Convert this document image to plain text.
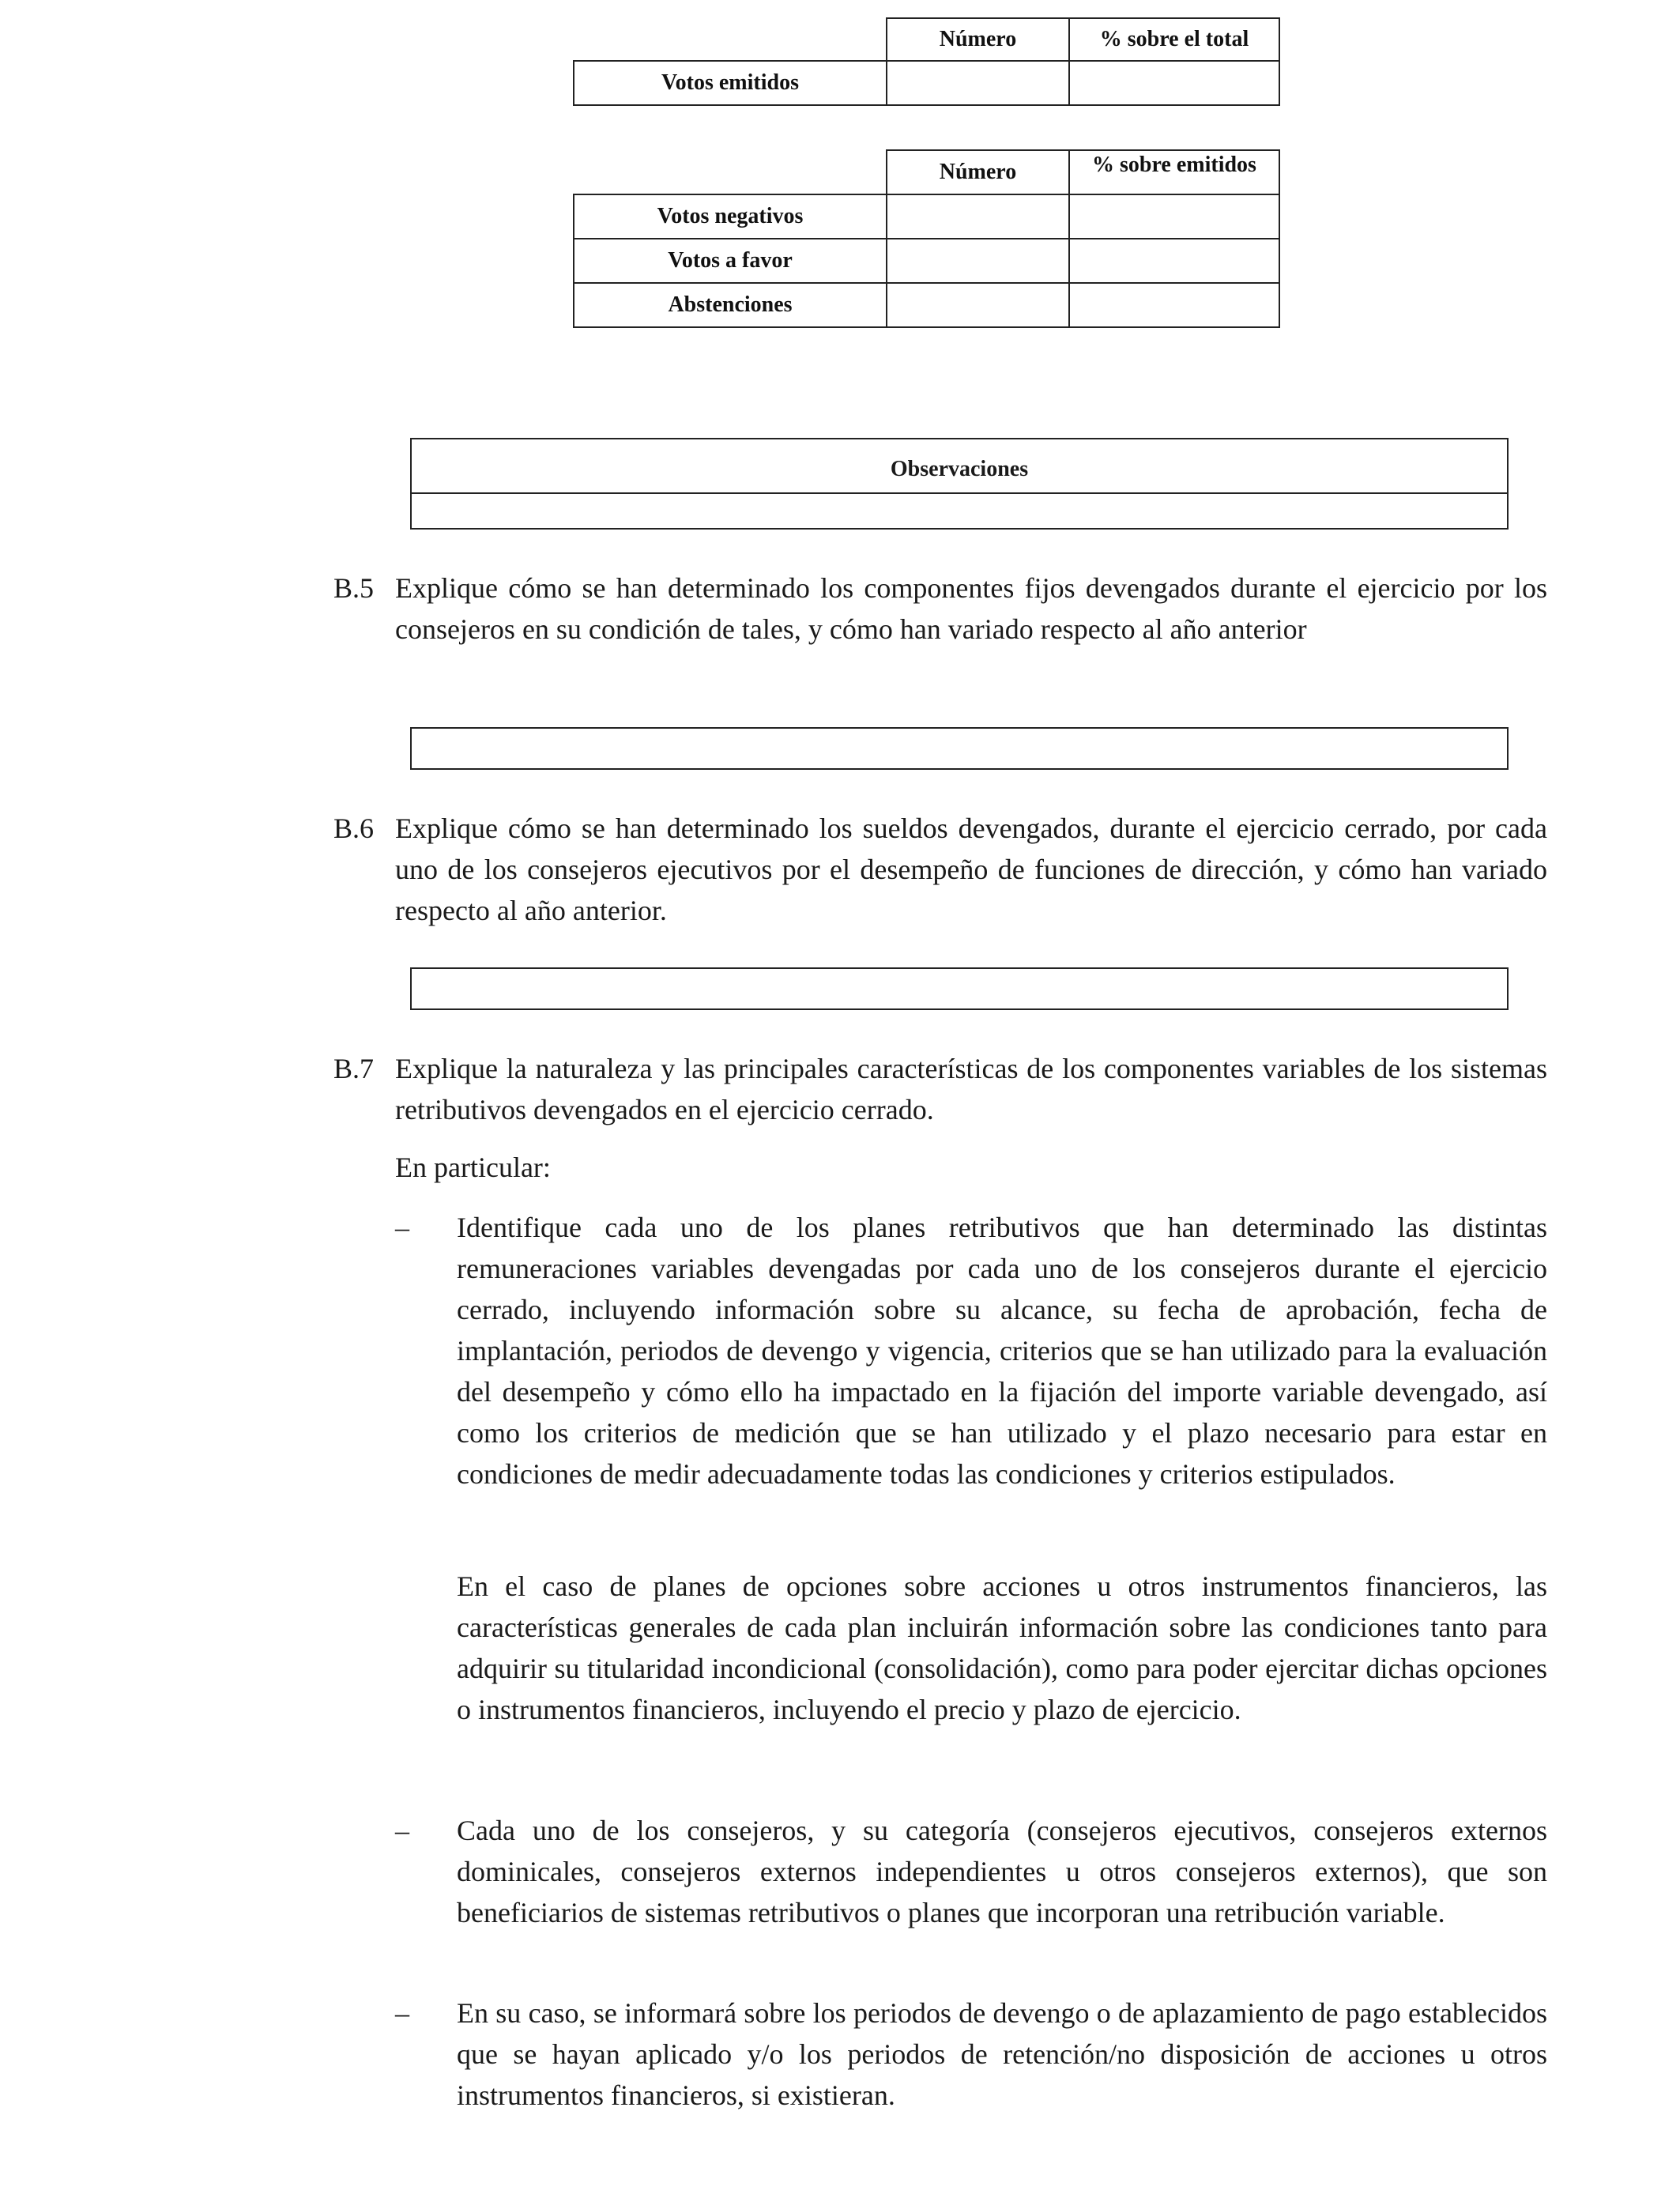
	Número	% sobre el total
Votos emitidos		
	Número	% sobre emitidos
Votos negativos		
Votos a favor		
Abstenciones		
Observaciones
B.5 Explique cómo se han determinado los componentes fijos devengados durante el ejercicio por los consejeros en su condición de tales, y cómo han variado respecto al año anterior
B.6 Explique cómo se han determinado los sueldos devengados, durante el ejercicio cerrado, por cada uno de los consejeros ejecutivos por el desempeño de funciones de dirección, y cómo han variado respecto al año anterior.
B.7 Explique la naturaleza y las principales características de los componentes variables de los sistemas retributivos devengados en el ejercicio cerrado.
En particular:
– Identifique cada uno de los planes retributivos que han determinado las distintas remuneraciones variables devengadas por cada uno de los consejeros durante el ejercicio cerrado, incluyendo información sobre su alcance, su fecha de aprobación, fecha de implantación, periodos de devengo y vigencia, criterios que se han utilizado para la evaluación del desempeño y cómo ello ha impactado en la fijación del importe variable devengado, así como los criterios de medición que se han utilizado y el plazo necesario para estar en condiciones de medir adecuadamente todas las condiciones y criterios estipulados.
En el caso de planes de opciones sobre acciones u otros instrumentos financieros, las características generales de cada plan incluirán información sobre las condiciones tanto para adquirir su titularidad incondicional (consolidación), como para poder ejercitar dichas opciones o instrumentos financieros, incluyendo el precio y plazo de ejercicio.
– Cada uno de los consejeros, y su categoría (consejeros ejecutivos, consejeros externos dominicales, consejeros externos independientes u otros consejeros externos), que son beneficiarios de sistemas retributivos o planes que incorporan una retribución variable.
– En su caso, se informará sobre los periodos de devengo o de aplazamiento de pago establecidos que se hayan aplicado y/o los periodos de retención/no disposición de acciones u otros instrumentos financieros, si existieran.
